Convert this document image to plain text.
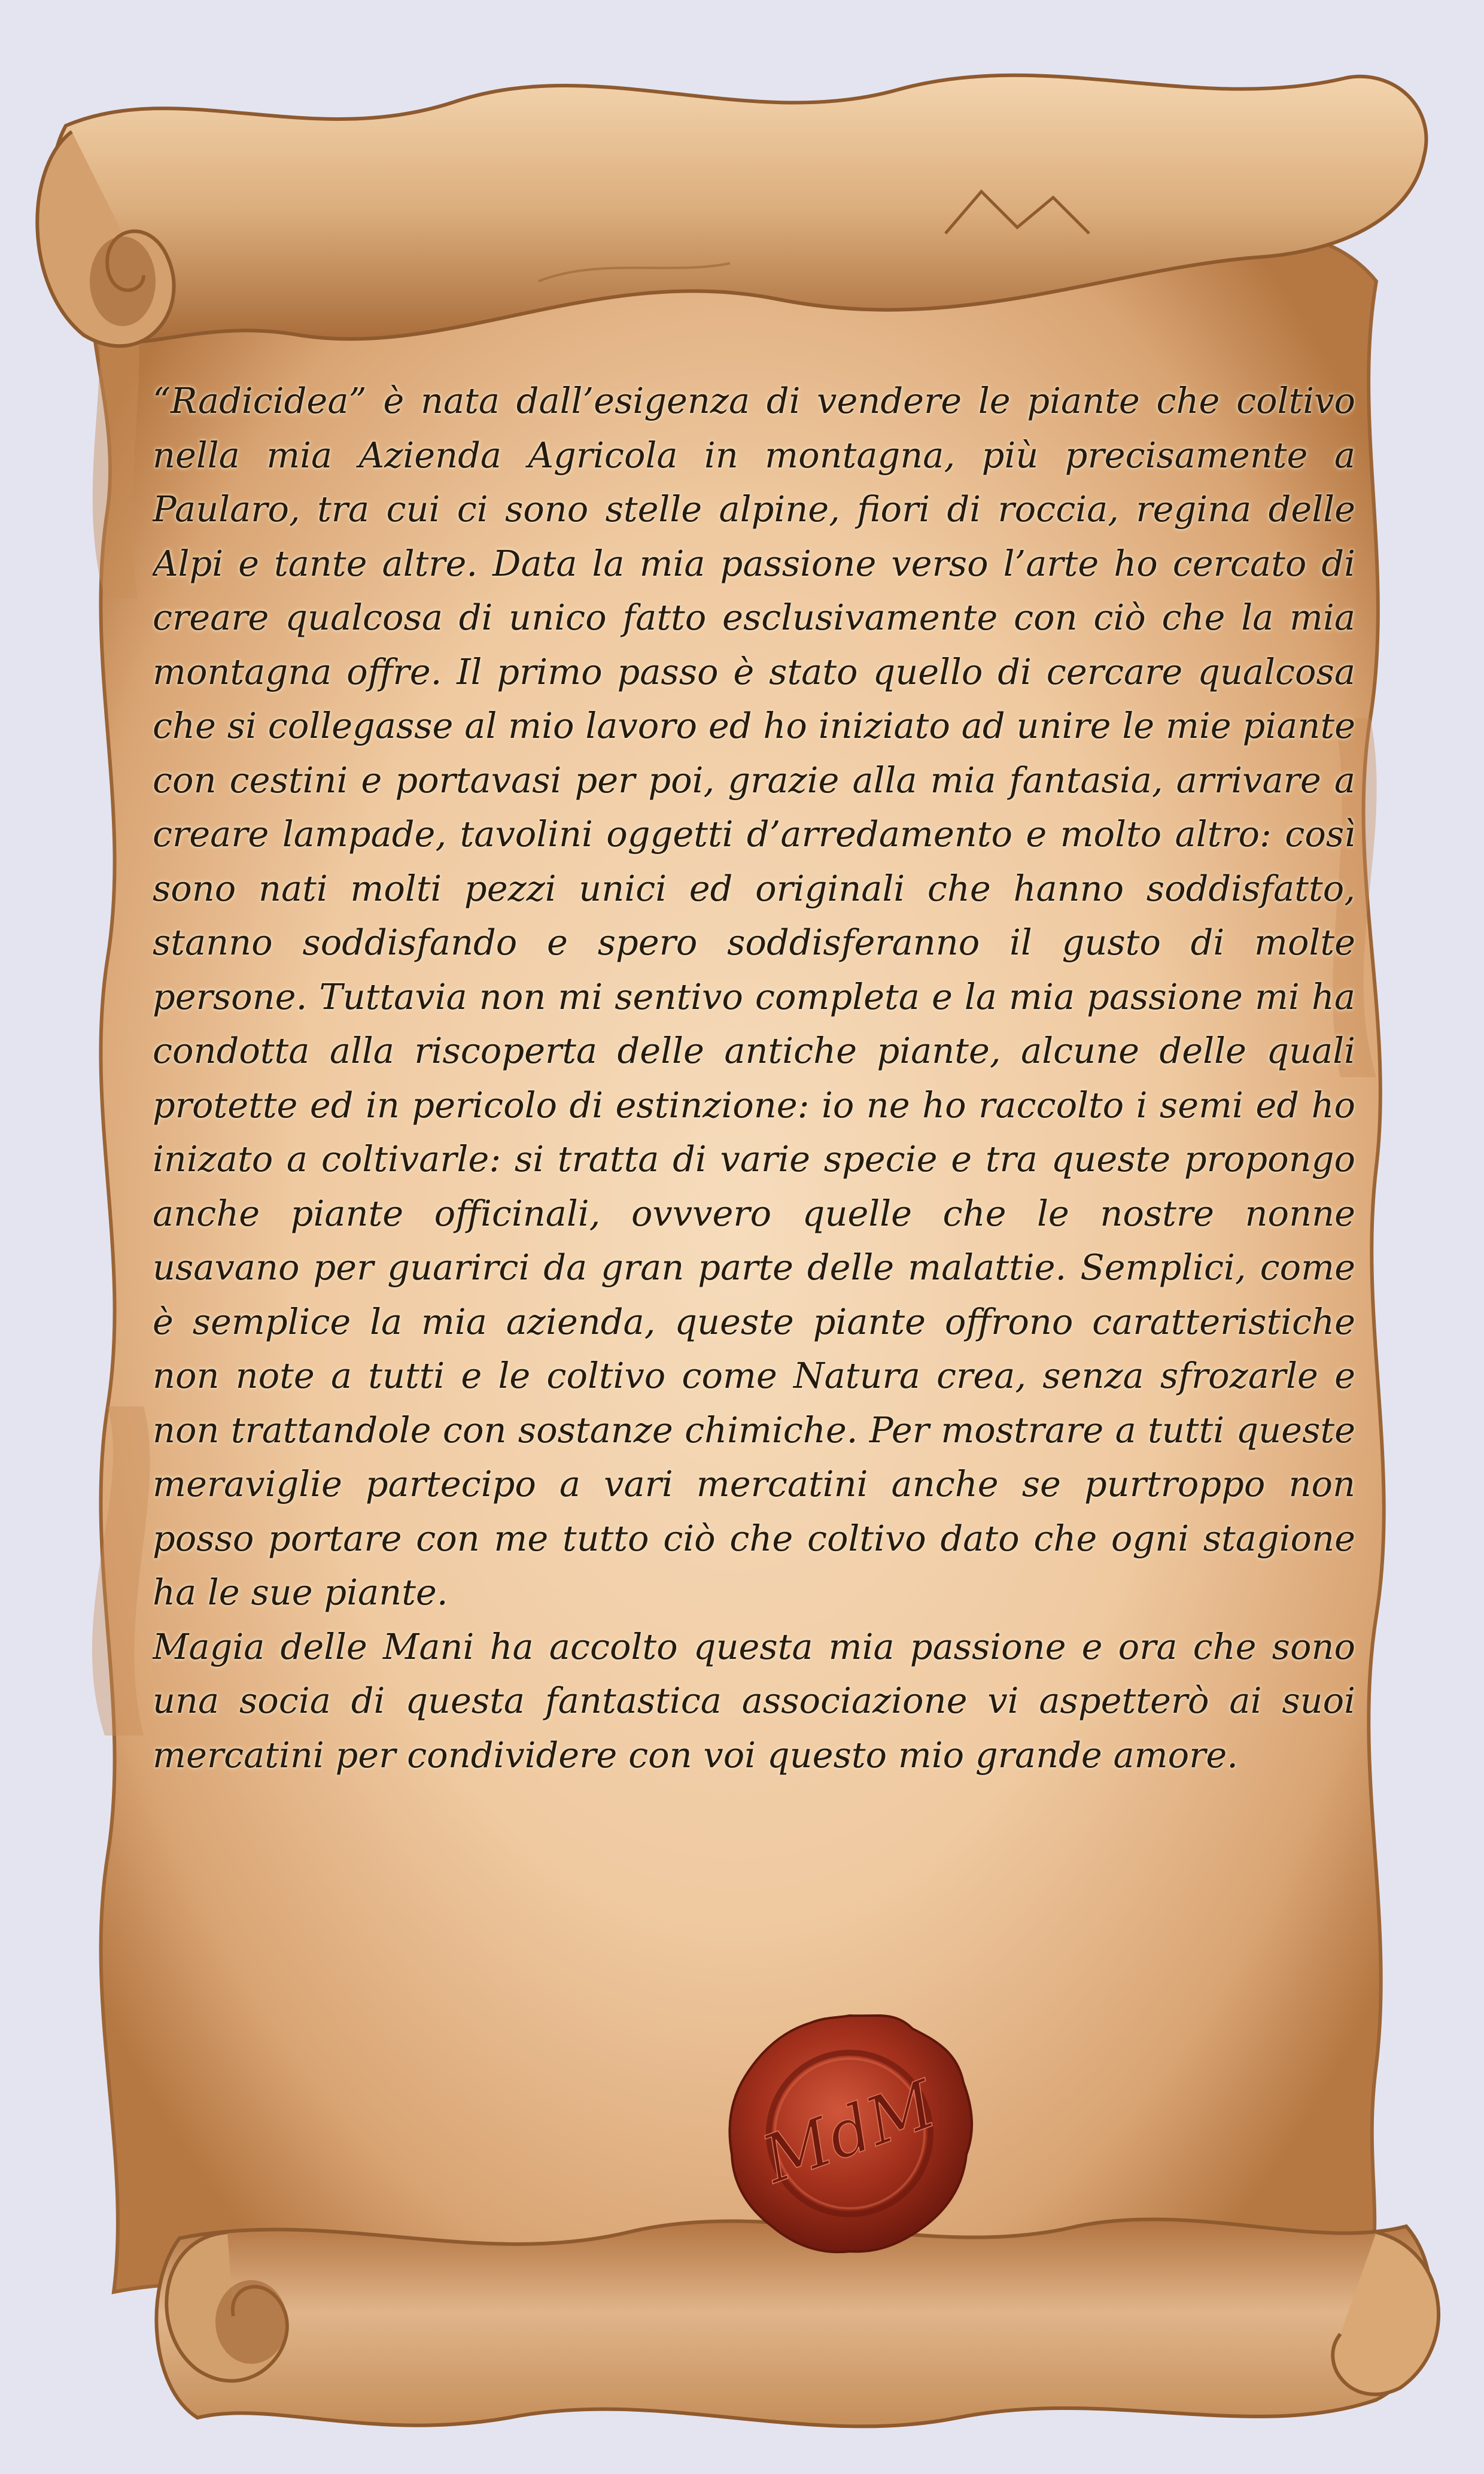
“Radicidea” è nata dall’esigenza di vendere le piante che coltivo nella mia Azienda Agricola in montagna, più precisamente a Paularo, tra cui ci sono stelle alpine, fiori di roccia, regina delle Alpi e tante altre. Data la mia passione verso l’arte ho cercato di creare qualcosa di unico fatto esclusivamente con ciò che la mia montagna offre. Il primo passo è stato quello di cercare qualcosa che si collegasse al mio lavoro ed ho iniziato ad unire le mie piante con cestini e portavasi per poi, grazie alla mia fantasia, arrivare a creare lampade, tavolini oggetti d’arredamento e molto altro: così sono nati molti pezzi unici ed originali che hanno soddisfatto, stanno soddisfando e spero soddisferanno il gusto di molte persone. Tuttavia non mi sentivo completa e la mia passione mi ha condotta alla riscoperta delle antiche piante, alcune delle quali protette ed in pericolo di estinzione: io ne ho raccolto i semi ed ho inizato a coltivarle: si tratta di varie specie e tra queste propongo anche piante officinali, ovvvero quelle che le nostre nonne usavano per guarirci da gran parte delle malattie. Semplici, come è semplice la mia azienda, queste piante offrono caratteristiche non note a tutti e le coltivo come Natura crea, senza sfrozarle e non trattandole con sostanze chimiche. Per mostrare a tutti queste meraviglie partecipo a vari mercatini anche se purtroppo non posso portare con me tutto ciò che coltivo dato che ogni stagione ha le sue piante.

Magia delle Mani ha accolto questa mia passione e ora che sono una socia di questa fantastica associazione vi aspetterò ai suoi mercatini per condividere con voi questo mio grande amore.

MdM
